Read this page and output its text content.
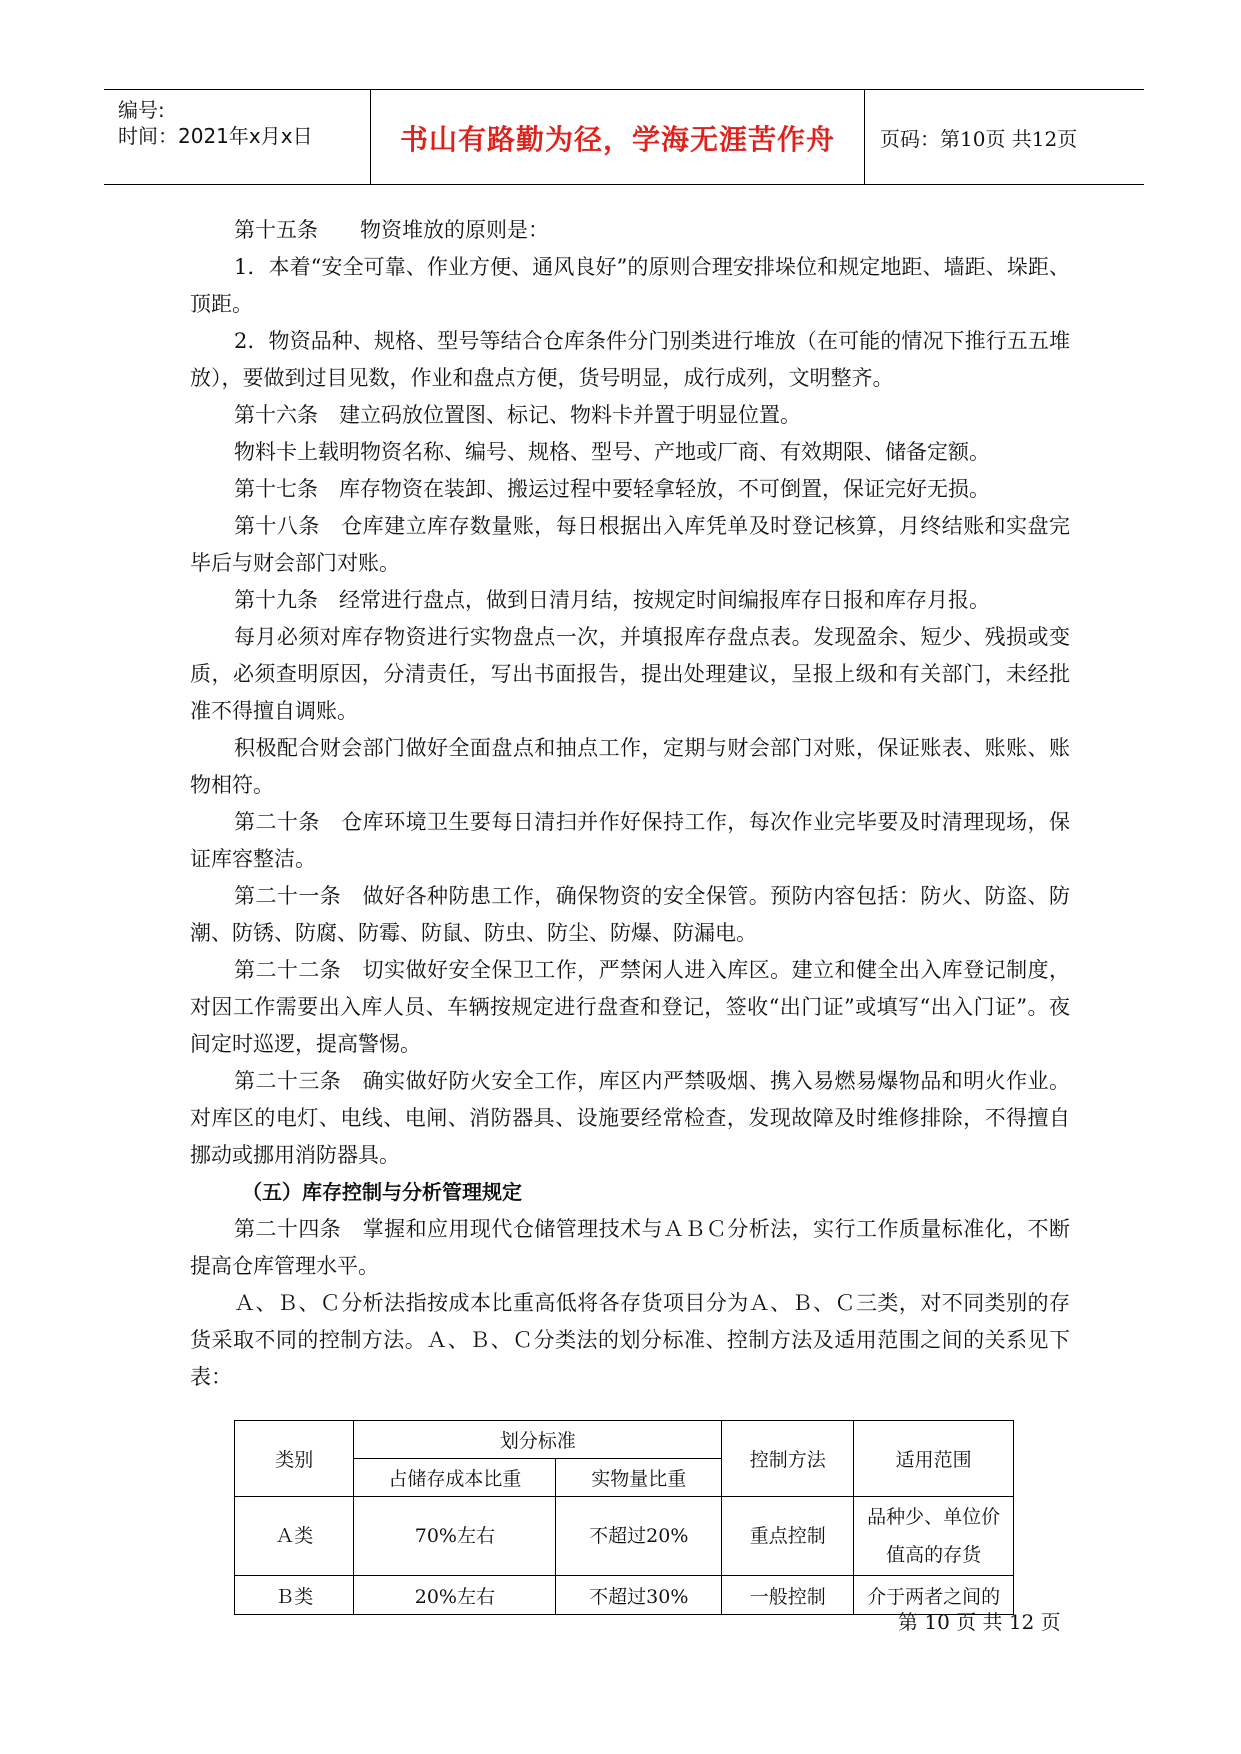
编号:
时间：2021年x月x日	书山有路勤为径，学海无涯苦作舟	页码：第10页 共12页

第十五条　　物资堆放的原则是：

1．本着“安全可靠、作业方便、通风良好”的原则合理安排垛位和规定地距、墙距、垛距、顶距。

2．物资品种、规格、型号等结合仓库条件分门别类进行堆放（在可能的情况下推行五五堆放），要做到过目见数，作业和盘点方便，货号明显，成行成列，文明整齐。

第十六条　建立码放位置图、标记、物料卡并置于明显位置。

物料卡上载明物资名称、编号、规格、型号、产地或厂商、有效期限、储备定额。

第十七条　库存物资在装卸、搬运过程中要轻拿轻放，不可倒置，保证完好无损。

第十八条　仓库建立库存数量账，每日根据出入库凭单及时登记核算，月终结账和实盘完毕后与财会部门对账。

第十九条　经常进行盘点，做到日清月结，按规定时间编报库存日报和库存月报。

每月必须对库存物资进行实物盘点一次，并填报库存盘点表。发现盈余、短少、残损或变质，必须查明原因，分清责任，写出书面报告，提出处理建议，呈报上级和有关部门，未经批准不得擅自调账。

积极配合财会部门做好全面盘点和抽点工作，定期与财会部门对账，保证账表、账账、账物相符。

第二十条　仓库环境卫生要每日清扫并作好保持工作，每次作业完毕要及时清理现场，保证库容整洁。

第二十一条　做好各种防患工作，确保物资的安全保管。预防内容包括：防火、防盗、防潮、防锈、防腐、防霉、防鼠、防虫、防尘、防爆、防漏电。

第二十二条　切实做好安全保卫工作，严禁闲人进入库区。建立和健全出入库登记制度，对因工作需要出入库人员、车辆按规定进行盘查和登记，签收“出门证”或填写“出入门证”。夜间定时巡逻，提高警惕。

第二十三条　确实做好防火安全工作，库区内严禁吸烟、携入易燃易爆物品和明火作业。对库区的电灯、电线、电闸、消防器具、设施要经常检查，发现故障及时维修排除，不得擅自挪动或挪用消防器具。

（五）库存控制与分析管理规定

第二十四条　掌握和应用现代仓储管理技术与ＡＢＣ分析法，实行工作质量标准化，不断提高仓库管理水平。

Ａ、Ｂ、Ｃ分析法指按成本比重高低将各存货项目分为Ａ、Ｂ、Ｃ三类，对不同类别的存货采取不同的控制方法。Ａ、Ｂ、Ｃ分类法的划分标准、控制方法及适用范围之间的关系见下表：

类别	划分标准		控制方法	适用范围
	占储存成本比重	实物量比重		
Ａ类	70%左右	不超过20%	重点控制	品种少、单位价值高的存货
Ｂ类	20%左右	不超过30%	一般控制	介于两者之间的
第 10 页 共 12 页
